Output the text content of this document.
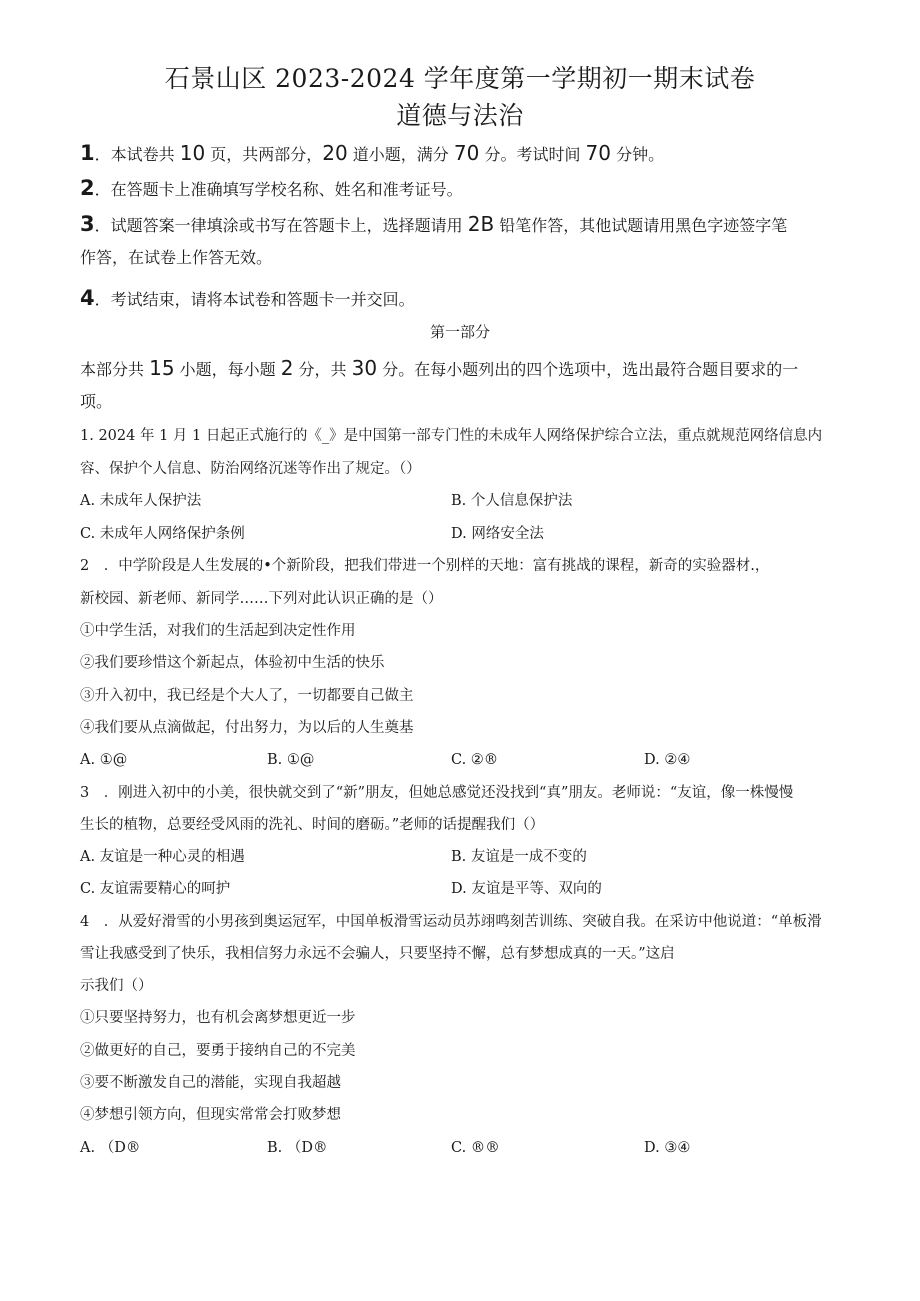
石景山区 2023-2024 学年度第一学期初一期末试卷
道德与法治
1．本试卷共 10 页，共两部分，20 道小题，满分 70 分。考试时间 70 分钟。
2．在答题卡上准确填写学校名称、姓名和准考证号。
3．试题答案一律填涂或书写在答题卡上，选择题请用 2B 铅笔作答，其他试题请用黑色字迹签字笔
作答，在试卷上作答无效。
4．考试结束，请将本试卷和答题卡一并交回。
第一部分
本部分共 15 小题，每小题 2 分，共 30 分。在每小题列出的四个选项中，选出最符合题目要求的一
项。
1. 2024 年 1 月 1 日起正式施行的《_》是中国第一部专门性的未成年人网络保护综合立法，重点就规范网络信息内
容、保护个人信息、防治网络沉迷等作出了规定。（）
A. 未成年人保护法	B. 个人信息保护法
C. 未成年人网络保护条例	D. 网络安全法
2　．中学阶段是人生发展的•个新阶段，把我们带进一个别样的天地：富有挑战的课程，新奇的实验器材.，
新校园、新老师、新同学……下列对此认识正确的是（）
①中学生活，对我们的生活起到决定性作用
②我们要珍惜这个新起点，体验初中生活的快乐
③升入初中，我已经是个大人了，一切都要自己做主
④我们要从点滴做起，付出努力，为以后的人生奠基
A. ①@	B. ①@	C. ②®	D. ②④
3　．刚进入初中的小美，很快就交到了“新”朋友，但她总感觉还没找到“真”朋友。老师说：“友谊，像一株慢慢
生长的植物，总要经受风雨的洗礼、时间的磨砺。”老师的话提醒我们（）
A. 友谊是一种心灵的相遇	B. 友谊是一成不变的
C. 友谊需要精心的呵护	D. 友谊是平等、双向的
4　．从爱好滑雪的小男孩到奥运冠军，中国单板滑雪运动员苏翊鸣刻苦训练、突破自我。在采访中他说道：“单板滑
雪让我感受到了快乐，我相信努力永远不会骗人，只要坚持不懈，总有梦想成真的一天。”这启
示我们（）
①只要坚持努力，也有机会离梦想更近一步
②做更好的自己，要勇于接纳自己的不完美
③要不断激发自己的潜能，实现自我超越
④梦想引领方向，但现实常常会打败梦想
A. （D®	B. （D®	C. ®®	D. ③④
